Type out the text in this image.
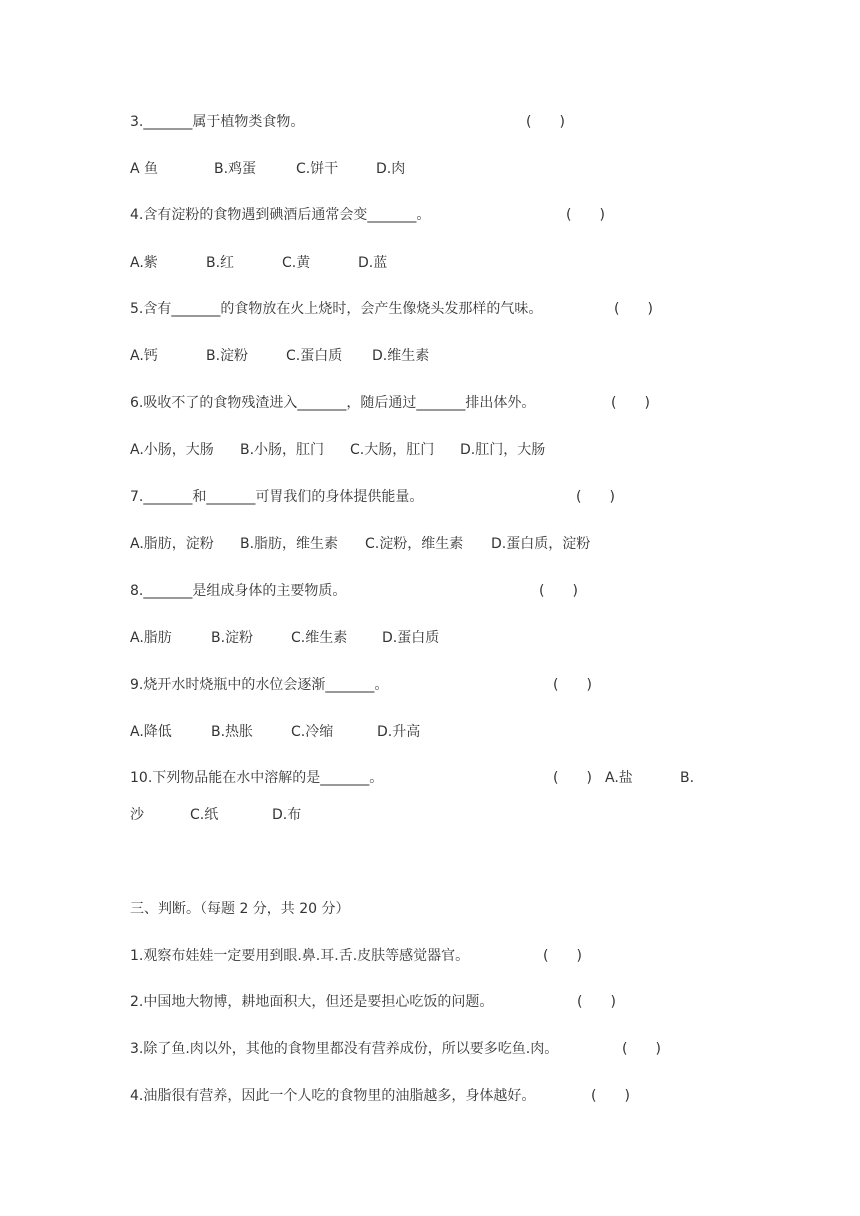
3._______属于植物类食物。	(　　)
A 鱼	B.鸡蛋	C.饼干	D.肉
4.含有淀粉的食物遇到碘酒后通常会变_______。	(　　)
A.紫	B.红	C.黄	D.蓝
5.含有_______的食物放在火上烧时，会产生像烧头发那样的气味。	(　　)
A.钙	B.淀粉	C.蛋白质 D.维生素
6.吸收不了的食物残渣进入_______，随后通过_______排出体外。	(　　)
A.小肠，大肠 B.小肠，肛门 C.大肠，肛门 D.肛门，大肠
7._______和_______可胃我们的身体提供能量。	(　　)
A.脂肪，淀粉 B.脂肪，维生素 C.淀粉，维生素 D.蛋白质，淀粉
8._______是组成身体的主要物质。	(　　)
A.脂肪	B.淀粉	C.维生素 D.蛋白质
9.烧开水时烧瓶中的水位会逐渐_______。	(　　)
A.降低	B.热胀	C.冷缩	D.升高
10.下列物品能在水中溶解的是_______。	(　　) A.盐	B.
沙	C.纸	D.布
三、判断。（每题 2 分，共 20 分）
1.观察布娃娃一定要用到眼.鼻.耳.舌.皮肤等感觉器官。	(　　)
2.中国地大物博，耕地面积大，但还是要担心吃饭的问题。	(　　)
3.除了鱼.肉以外，其他的食物里都没有营养成份，所以要多吃鱼.肉。	(　　)
4.油脂很有营养，因此一个人吃的食物里的油脂越多，身体越好。	(　　)
